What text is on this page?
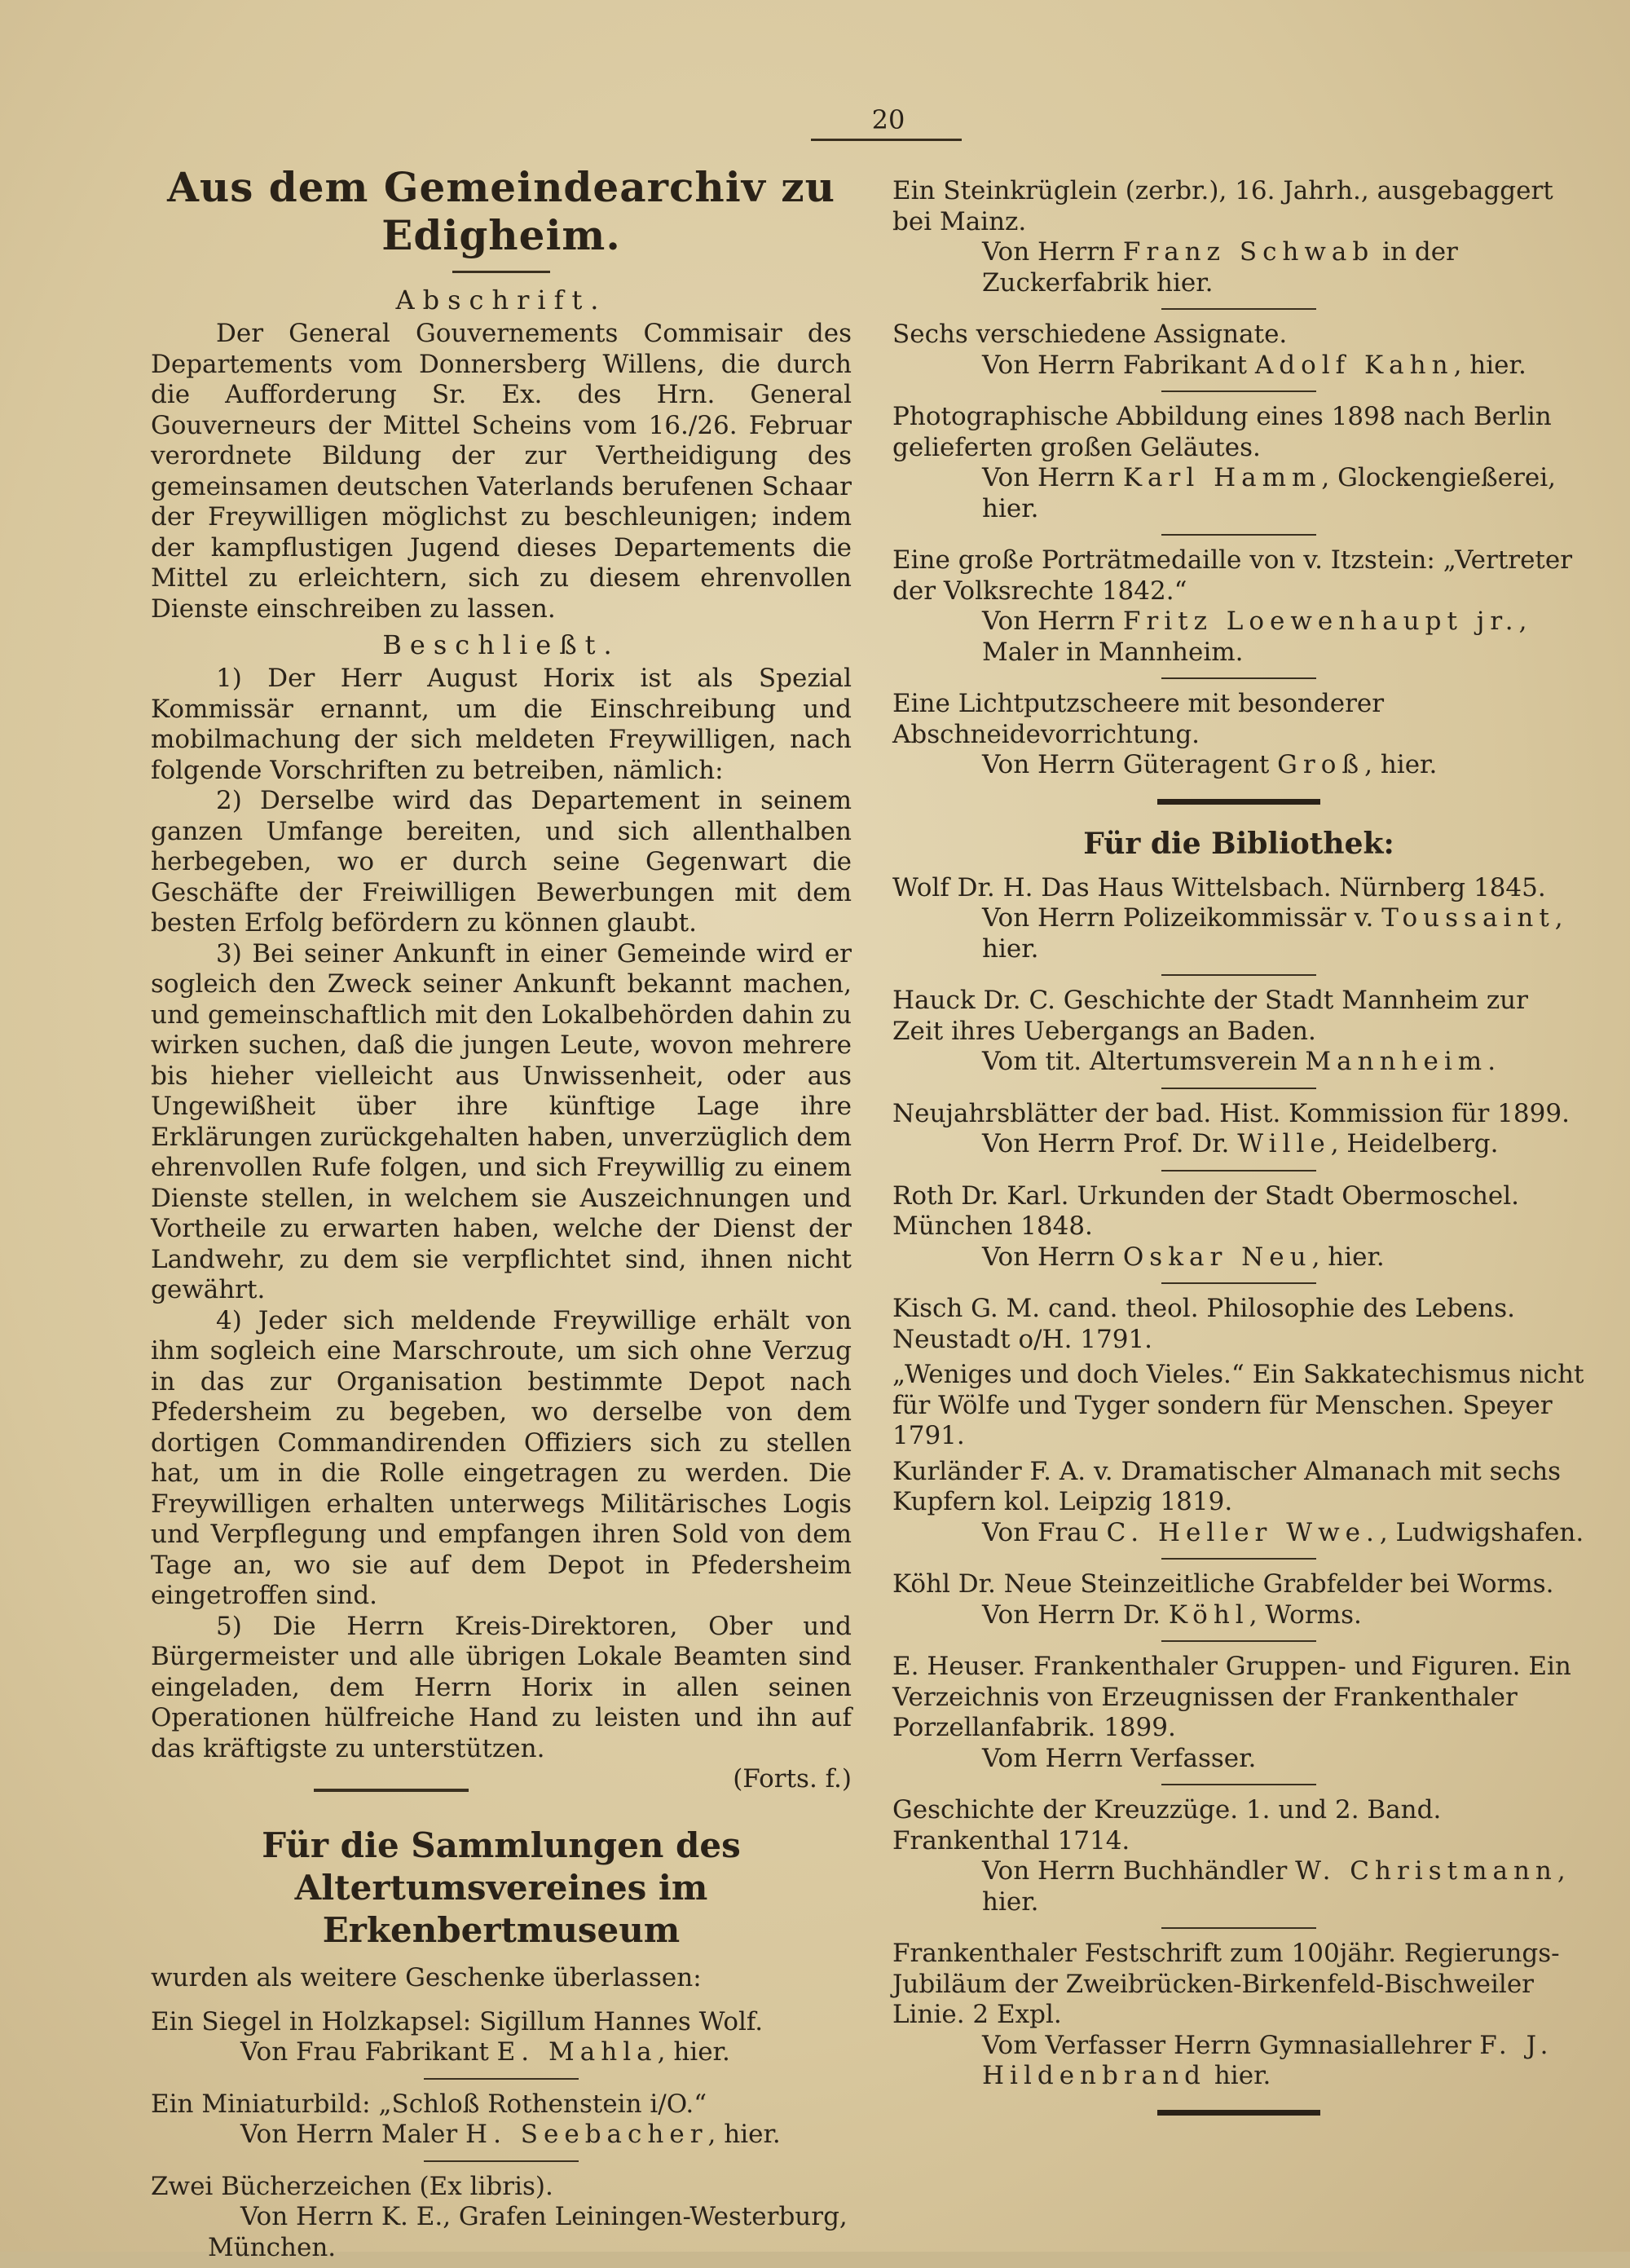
20
Aus dem Gemeindearchiv zu Edigheim.
Abschrift.

Der General Gouvernements Commisair des Departements vom Donnersberg Willens, die durch die Aufforderung Sr. Ex. des Hrn. General Gouverneurs der Mittel Scheins vom 16./26. Februar verordnete Bildung der zur Vertheidigung des gemeinsamen deutschen Vaterlands berufenen Schaar der Freywilligen möglichst zu beschleunigen; indem der kampflustigen Jugend dieses Departements die Mittel zu erleichtern, sich zu diesem ehrenvollen Dienste einschreiben zu lassen.

Beschließt.

1) Der Herr August Horix ist als Spezial Kommissär ernannt, um die Einschreibung und mobilmachung der sich meldeten Freywilligen, nach folgende Vorschriften zu betreiben, nämlich:

2) Derselbe wird das Departement in seinem ganzen Umfange bereiten, und sich allenthalben herbegeben, wo er durch seine Gegenwart die Geschäfte der Freiwilligen Bewerbungen mit dem besten Erfolg befördern zu können glaubt.

3) Bei seiner Ankunft in einer Gemeinde wird er sogleich den Zweck seiner Ankunft bekannt machen, und gemeinschaftlich mit den Lokalbehörden dahin zu wirken suchen, daß die jungen Leute, wovon mehrere bis hieher vielleicht aus Unwissenheit, oder aus Ungewißheit über ihre künftige Lage ihre Erklärungen zurückgehalten haben, unverzüglich dem ehrenvollen Rufe folgen, und sich Freywillig zu einem Dienste stellen, in welchem sie Auszeichnungen und Vortheile zu erwarten haben, welche der Dienst der Landwehr, zu dem sie verpflichtet sind, ihnen nicht gewährt.

4) Jeder sich meldende Freywillige erhält von ihm sogleich eine Marschroute, um sich ohne Verzug in das zur Organisation bestimmte Depot nach Pfedersheim zu begeben, wo derselbe von dem dortigen Commandirenden Offiziers sich zu stellen hat, um in die Rolle eingetragen zu werden. Die Freywilligen erhalten unterwegs Militärisches Logis und Verpflegung und empfangen ihren Sold von dem Tage an, wo sie auf dem Depot in Pfedersheim eingetroffen sind.

5) Die Herrn Kreis-Direktoren, Ober und Bürgermeister und alle übrigen Lokale Beamten sind eingeladen, dem Herrn Horix in allen seinen Operationen hülfreiche Hand zu leisten und ihn auf das kräftigste zu unterstützen.

(Forts. f.)

Für die Sammlungen des Altertumsvereines im Erkenbertmuseum
wurden als weitere Geschenke überlassen:
Ein Siegel in Holzkapsel: Sigillum Hannes Wolf.
Von Frau Fabrikant E. Mahla, hier.
Ein Miniaturbild: „Schloß Rothenstein i/O.“
Von Herrn Maler H. Seebacher, hier.
Zwei Bücherzeichen (Ex libris).
Von Herrn K. E., Grafen Leiningen-Westerburg,
München.
Ein Steinkrüglein (zerbr.), 16. Jahrh., ausgebaggert bei Mainz.
Von Herrn Franz Schwab in der Zuckerfabrik hier.
Sechs verschiedene Assignate.
Von Herrn Fabrikant Adolf Kahn, hier.
Photographische Abbildung eines 1898 nach Berlin gelieferten großen Geläutes.
Von Herrn Karl Hamm, Glockengießerei, hier.
Eine große Porträtmedaille von v. Itzstein: „Vertreter der Volksrechte 1842.“
Von Herrn Fritz Loewenhaupt jr., Maler in Mannheim.
Eine Lichtputzscheere mit besonderer Abschneidevorrichtung.
Von Herrn Güteragent Groß, hier.
Für die Bibliothek:
Wolf Dr. H. Das Haus Wittelsbach. Nürnberg 1845.
Von Herrn Polizeikommissär v. Toussaint, hier.
Hauck Dr. C. Geschichte der Stadt Mannheim zur Zeit ihres Uebergangs an Baden.
Vom tit. Altertumsverein Mannheim.
Neujahrsblätter der bad. Hist. Kommission für 1899.
Von Herrn Prof. Dr. Wille, Heidelberg.
Roth Dr. Karl. Urkunden der Stadt Obermoschel. München 1848.
Von Herrn Oskar Neu, hier.
Kisch G. M. cand. theol. Philosophie des Lebens. Neustadt o/H. 1791.
„Weniges und doch Vieles.“ Ein Sakkatechismus nicht für Wölfe und Tyger sondern für Menschen. Speyer 1791.
Kurländer F. A. v. Dramatischer Almanach mit sechs Kupfern kol. Leipzig 1819.
Von Frau C. Heller Wwe., Ludwigshafen.
Köhl Dr. Neue Steinzeitliche Grabfelder bei Worms.
Von Herrn Dr. Köhl, Worms.
E. Heuser. Frankenthaler Gruppen- und Figuren. Ein Verzeichnis von Erzeugnissen der Frankenthaler Porzellanfabrik. 1899.
Vom Herrn Verfasser.
Geschichte der Kreuzzüge. 1. und 2. Band. Frankenthal 1714.
Von Herrn Buchhändler W. Christmann, hier.
Frankenthaler Festschrift zum 100jähr. Regierungs-Jubiläum der Zweibrücken-Birkenfeld-Bischweiler Linie. 2 Expl.
Vom Verfasser Herrn Gymnasiallehrer F. J. Hildenbrand hier.
